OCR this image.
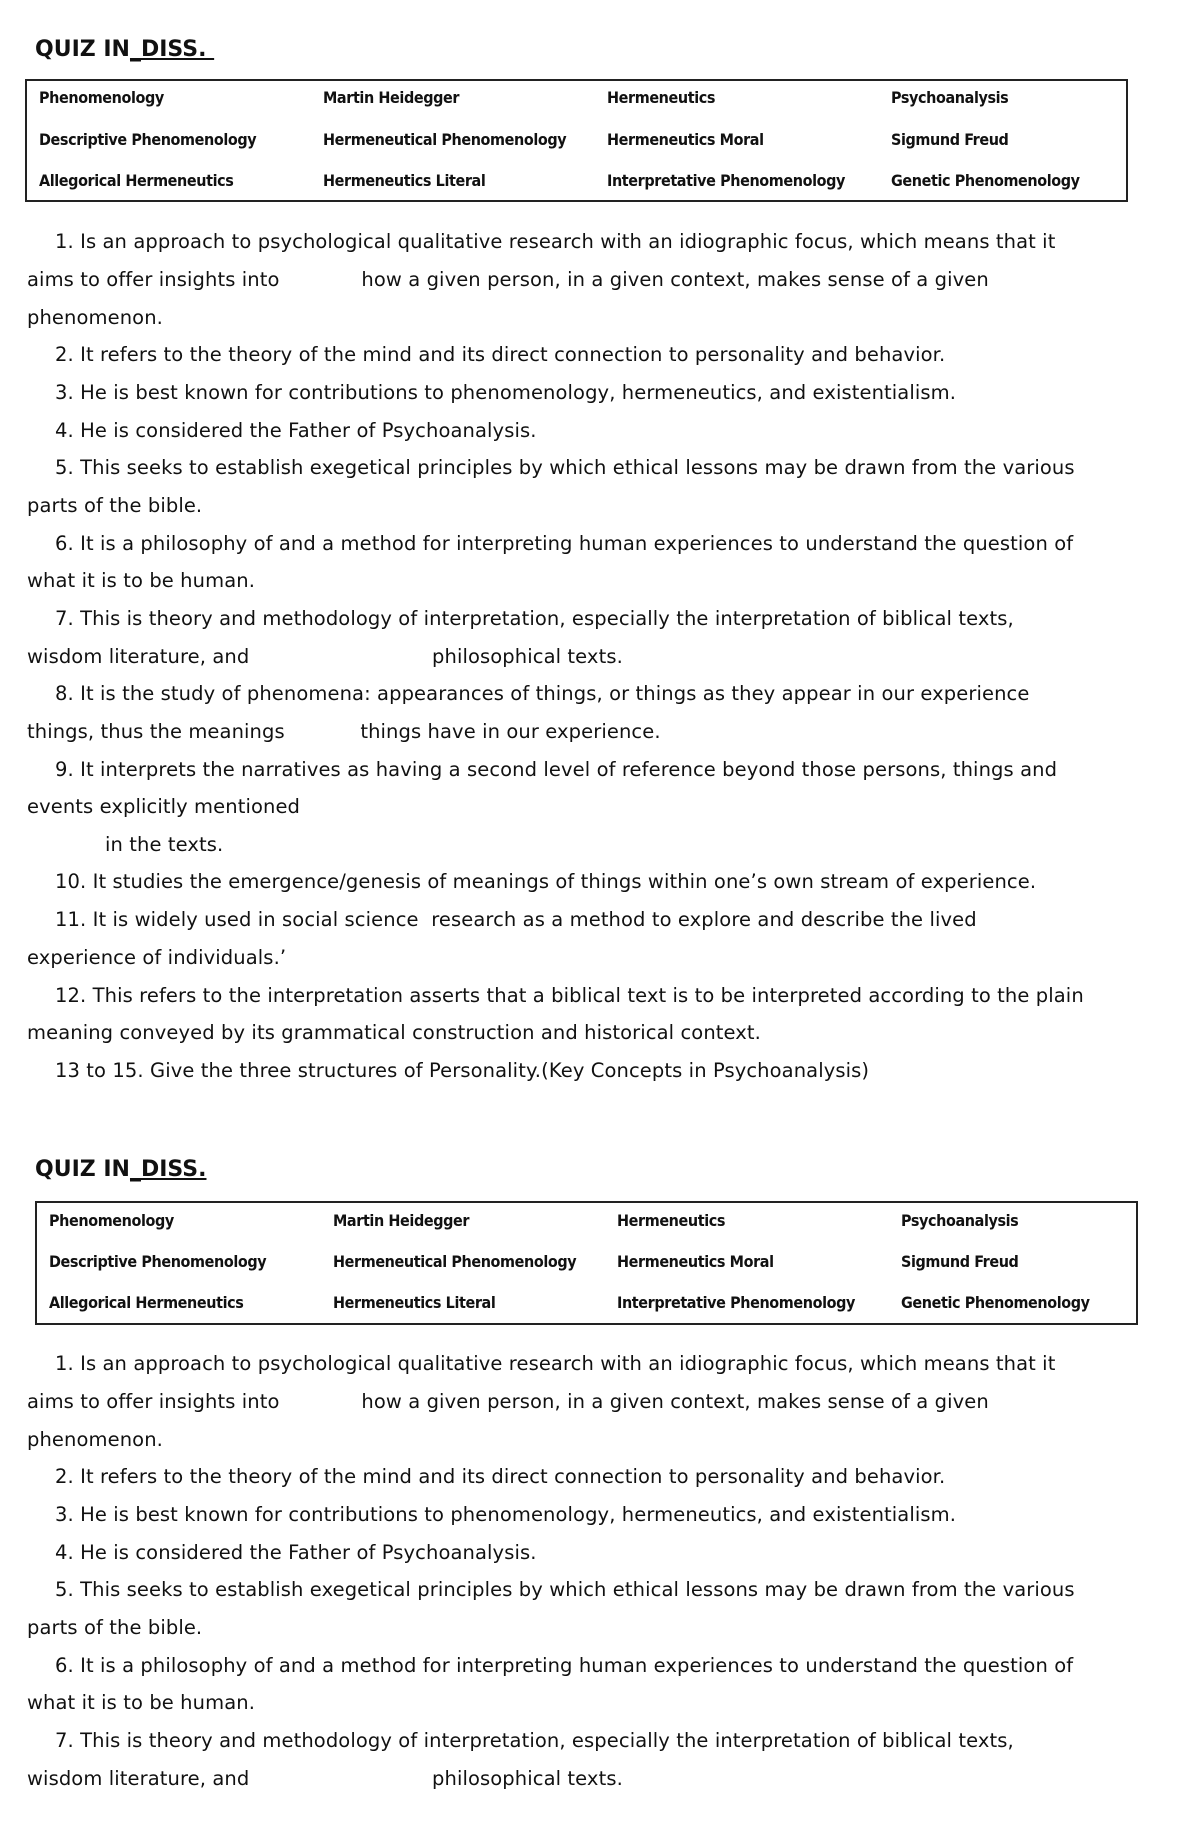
QUIZ IN_DISS.
Phenomenology	Martin Heidegger	Hermeneutics	Psychoanalysis
Descriptive Phenomenology	Hermeneutical Phenomenology	Hermeneutics Moral	Sigmund Freud
Allegorical Hermeneutics	Hermeneutics Literal	Interpretative Phenomenology	Genetic Phenomenology
1. Is an approach to psychological qualitative research with an idiographic focus, which means that it
aims to offer insights into             how a given person, in a given context, makes sense of a given
phenomenon.
2. It refers to the theory of the mind and its direct connection to personality and behavior.
3. He is best known for contributions to phenomenology, hermeneutics, and existentialism.
4. He is considered the Father of Psychoanalysis.
5. This seeks to establish exegetical principles by which ethical lessons may be drawn from the various
parts of the bible.
6. It is a philosophy of and a method for interpreting human experiences to understand the question of
what it is to be human.
7. This is theory and methodology of interpretation, especially the interpretation of biblical texts,
wisdom literature, and                             philosophical texts.
8. It is the study of phenomena: appearances of things, or things as they appear in our experience
things, thus the meanings            things have in our experience.
9. It interprets the narratives as having a second level of reference beyond those persons, things and
events explicitly mentioned
in the texts.
10. It studies the emergence/genesis of meanings of things within one’s own stream of experience.
11. It is widely used in social science  research as a method to explore and describe the lived
experience of individuals.’
12. This refers to the interpretation asserts that a biblical text is to be interpreted according to the plain
meaning conveyed by its grammatical construction and historical context.
13 to 15. Give the three structures of Personality.(Key Concepts in Psychoanalysis)
QUIZ IN_DISS.
Phenomenology	Martin Heidegger	Hermeneutics	Psychoanalysis
Descriptive Phenomenology	Hermeneutical Phenomenology	Hermeneutics Moral	Sigmund Freud
Allegorical Hermeneutics	Hermeneutics Literal	Interpretative Phenomenology	Genetic Phenomenology
1. Is an approach to psychological qualitative research with an idiographic focus, which means that it
aims to offer insights into             how a given person, in a given context, makes sense of a given
phenomenon.
2. It refers to the theory of the mind and its direct connection to personality and behavior.
3. He is best known for contributions to phenomenology, hermeneutics, and existentialism.
4. He is considered the Father of Psychoanalysis.
5. This seeks to establish exegetical principles by which ethical lessons may be drawn from the various
parts of the bible.
6. It is a philosophy of and a method for interpreting human experiences to understand the question of
what it is to be human.
7. This is theory and methodology of interpretation, especially the interpretation of biblical texts,
wisdom literature, and                             philosophical texts.
